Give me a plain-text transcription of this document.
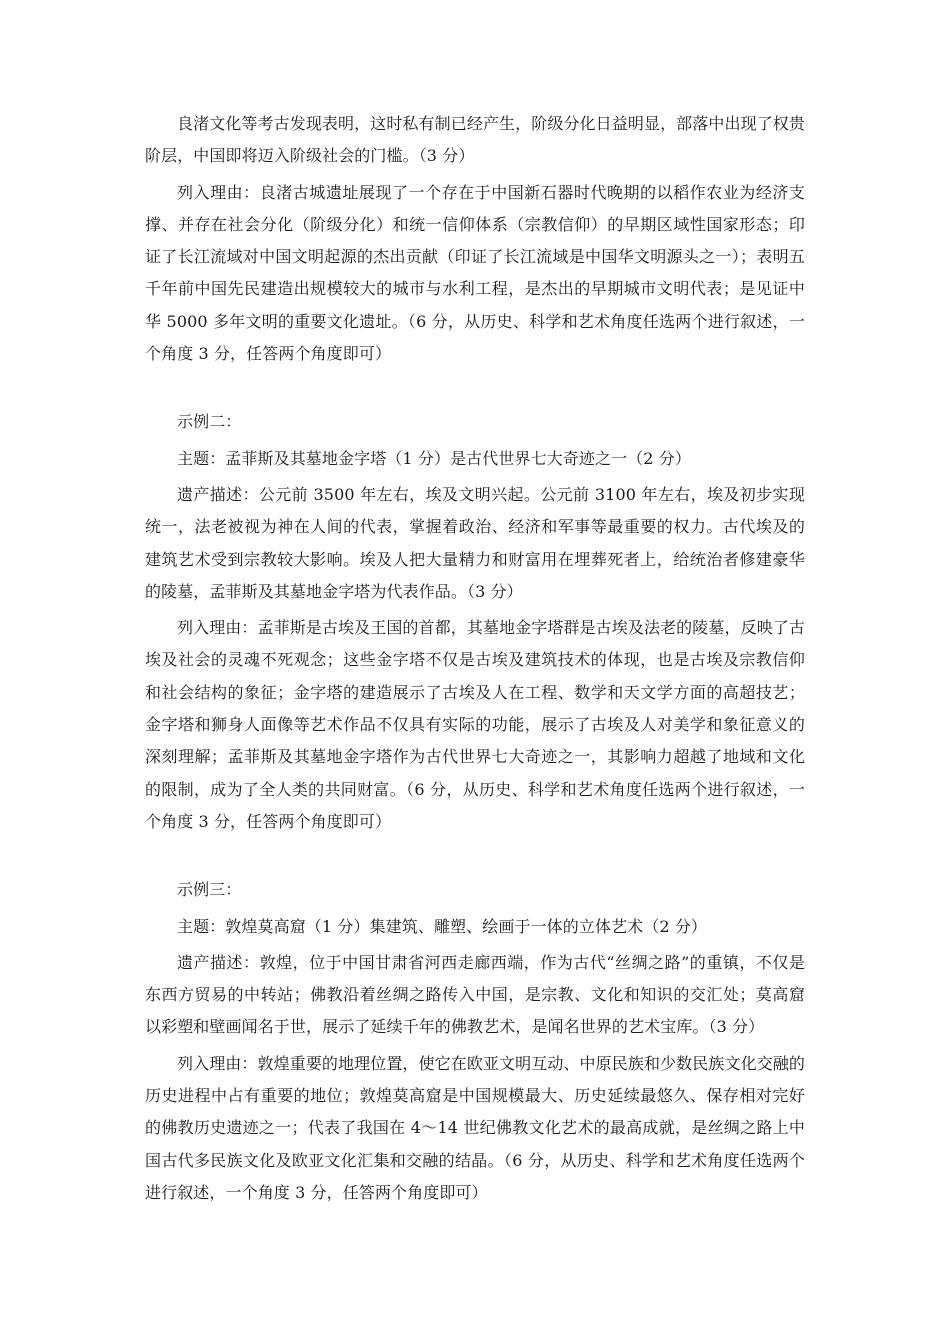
良渚文化等考古发现表明，这时私有制已经产生，阶级分化日益明显，部落中出现了权贵阶层，中国即将迈入阶级社会的门槛。（3 分）

列入理由：良渚古城遗址展现了一个存在于中国新石器时代晚期的以稻作农业为经济支撑、并存在社会分化（阶级分化）和统一信仰体系（宗教信仰）的早期区域性国家形态；印证了长江流域对中国文明起源的杰出贡献（印证了长江流域是中国华文明源头之一）；表明五千年前中国先民建造出规模较大的城市与水利工程，是杰出的早期城市文明代表；是见证中华 5000 多年文明的重要文化遗址。（6 分，从历史、科学和艺术角度任选两个进行叙述，一个角度 3 分，任答两个角度即可）

示例二：

主题：孟菲斯及其墓地金字塔（1 分）是古代世界七大奇迹之一（2 分）

遗产描述：公元前 3500 年左右，埃及文明兴起。公元前 3100 年左右，埃及初步实现统一，法老被视为神在人间的代表，掌握着政治、经济和军事等最重要的权力。古代埃及的建筑艺术受到宗教较大影响。埃及人把大量精力和财富用在埋葬死者上，给统治者修建豪华的陵墓，孟菲斯及其墓地金字塔为代表作品。（3 分）

列入理由：孟菲斯是古埃及王国的首都，其墓地金字塔群是古埃及法老的陵墓，反映了古埃及社会的灵魂不死观念；这些金字塔不仅是古埃及建筑技术的体现，也是古埃及宗教信仰和社会结构的象征；金字塔的建造展示了古埃及人在工程、数学和天文学方面的高超技艺；金字塔和狮身人面像等艺术作品不仅具有实际的功能，展示了古埃及人对美学和象征意义的深刻理解；孟菲斯及其墓地金字塔作为古代世界七大奇迹之一，其影响力超越了地域和文化的限制，成为了全人类的共同财富。（6 分，从历史、科学和艺术角度任选两个进行叙述，一个角度 3 分，任答两个角度即可）

示例三：

主题：敦煌莫高窟（1 分）集建筑、雕塑、绘画于一体的立体艺术（2 分）

遗产描述：敦煌，位于中国甘肃省河西走廊西端，作为古代“丝绸之路”的重镇，不仅是东西方贸易的中转站；佛教沿着丝绸之路传入中国，是宗教、文化和知识的交汇处；莫高窟以彩塑和壁画闻名于世，展示了延续千年的佛教艺术，是闻名世界的艺术宝库。（3 分）

列入理由：敦煌重要的地理位置，使它在欧亚文明互动、中原民族和少数民族文化交融的历史进程中占有重要的地位；敦煌莫高窟是中国规模最大、历史延续最悠久、保存相对完好的佛教历史遗迹之一；代表了我国在 4～14 世纪佛教文化艺术的最高成就，是丝绸之路上中国古代多民族文化及欧亚文化汇集和交融的结晶。（6 分，从历史、科学和艺术角度任选两个进行叙述，一个角度 3 分，任答两个角度即可）
